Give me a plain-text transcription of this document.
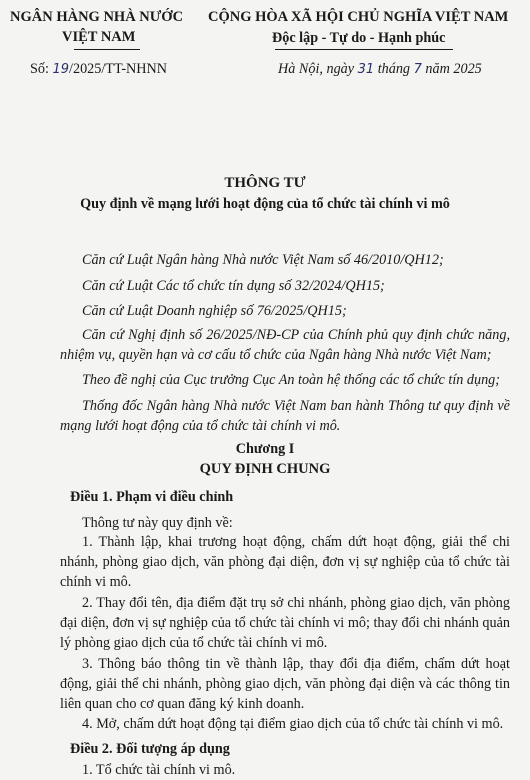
NGÂN HÀNG NHÀ NƯỚC
VIỆT NAM
Số: 19/2025/TT-NHNN
CỘNG HÒA XÃ HỘI CHỦ NGHĨA VIỆT NAM
Độc lập - Tự do - Hạnh phúc
Hà Nội, ngày 31 tháng 7 năm 2025
THÔNG TƯ
Quy định về mạng lưới hoạt động của tổ chức tài chính vi mô
Căn cứ Luật Ngân hàng Nhà nước Việt Nam số 46/2010/QH12;
Căn cứ Luật Các tổ chức tín dụng số 32/2024/QH15;
Căn cứ Luật Doanh nghiệp số 76/2025/QH15;
Căn cứ Nghị định số 26/2025/NĐ-CP của Chính phủ quy định chức năng, nhiệm vụ, quyền hạn và cơ cấu tổ chức của Ngân hàng Nhà nước Việt Nam;
Theo đề nghị của Cục trưởng Cục An toàn hệ thống các tổ chức tín dụng;
Thống đốc Ngân hàng Nhà nước Việt Nam ban hành Thông tư quy định về mạng lưới hoạt động của tổ chức tài chính vi mô.
Chương I
QUY ĐỊNH CHUNG
Điều 1. Phạm vi điều chỉnh
Thông tư này quy định về:
1. Thành lập, khai trương hoạt động, chấm dứt hoạt động, giải thể chi nhánh, phòng giao dịch, văn phòng đại diện, đơn vị sự nghiệp của tổ chức tài chính vi mô.
2. Thay đổi tên, địa điểm đặt trụ sở chi nhánh, phòng giao dịch, văn phòng đại diện, đơn vị sự nghiệp của tổ chức tài chính vi mô; thay đổi chi nhánh quản lý phòng giao dịch của tổ chức tài chính vi mô.
3. Thông báo thông tin về thành lập, thay đổi địa điểm, chấm dứt hoạt động, giải thể chi nhánh, phòng giao dịch, văn phòng đại diện và các thông tin liên quan cho cơ quan đăng ký kinh doanh.
4. Mở, chấm dứt hoạt động tại điểm giao dịch của tổ chức tài chính vi mô.
Điều 2. Đối tượng áp dụng
1. Tổ chức tài chính vi mô.
